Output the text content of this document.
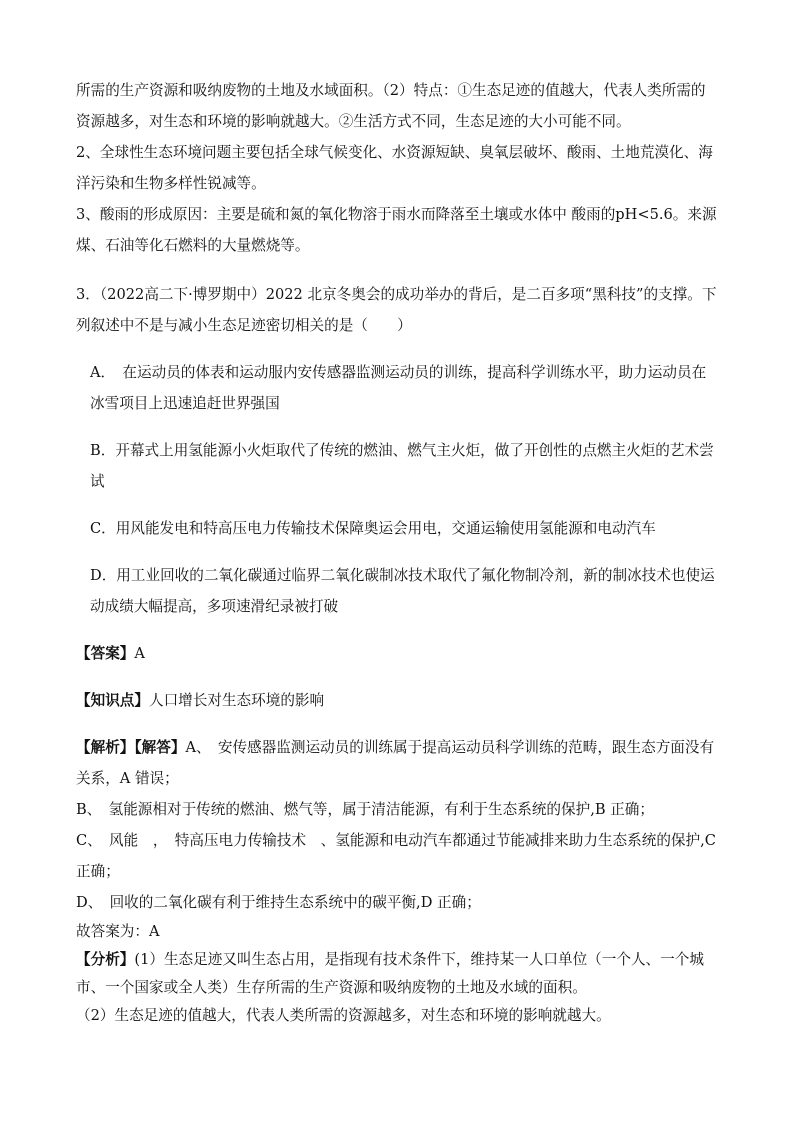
所需的生产资源和吸纳废物的土地及水域面积。（2）特点：①生态足迹的值越大，代表人类所需的资源越多，对生态和环境的影响就越大。②生活方式不同，生态足迹的大小可能不同。

2、全球性生态环境问题主要包括全球气候变化、水资源短缺、臭氧层破坏、酸雨、土地荒漠化、海洋污染和生物多样性锐减等。

3、酸雨的形成原因：主要是硫和氮的氧化物溶于雨水而降落至土壤或水体中 酸雨的pH<5.6。来源煤、石油等化石燃料的大量燃烧等。

3．（2022高二下·博罗期中）2022 北京冬奥会的成功举办的背后，是二百多项“黑科技”的支撑。下列叙述中不是与减小生态足迹密切相关的是（　　）

A．　在运动员的体表和运动服内安传感器监测运动员的训练，提高科学训练水平，助力运动员在冰雪项目上迅速追赶世界强国

B．开幕式上用氢能源小火炬取代了传统的燃油、燃气主火炬，做了开创性的点燃主火炬的艺术尝试

C．用风能发电和特高压电力传输技术保障奥运会用电，交通运输使用氢能源和电动汽车

D．用工业回收的二氧化碳通过临界二氧化碳制冰技术取代了氟化物制冷剂，新的制冰技术也使运动成绩大幅提高，多项速滑纪录被打破

【答案】A

【知识点】人口增长对生态环境的影响

【解析】【解答】A、　安传感器监测运动员的训练属于提高运动员科学训练的范畴，跟生态方面没有关系，A 错误；

B、　氢能源相对于传统的燃油、燃气等，属于清洁能源，有利于生态系统的保护,B 正确；

C、　风能　，　特高压电力传输技术　、氢能源和电动汽车都通过节能减排来助力生态系统的保护,C 正确；

D、　回收的二氧化碳有利于维持生态系统中的碳平衡,D 正确；

故答案为：A

【分析】(1）生态足迹又叫生态占用，是指现有技术条件下，维持某一人口单位（一个人、一个城市、一个国家或全人类）生存所需的生产资源和吸纳废物的土地及水域的面积。

（2）生态足迹的值越大，代表人类所需的资源越多，对生态和环境的影响就越大。
